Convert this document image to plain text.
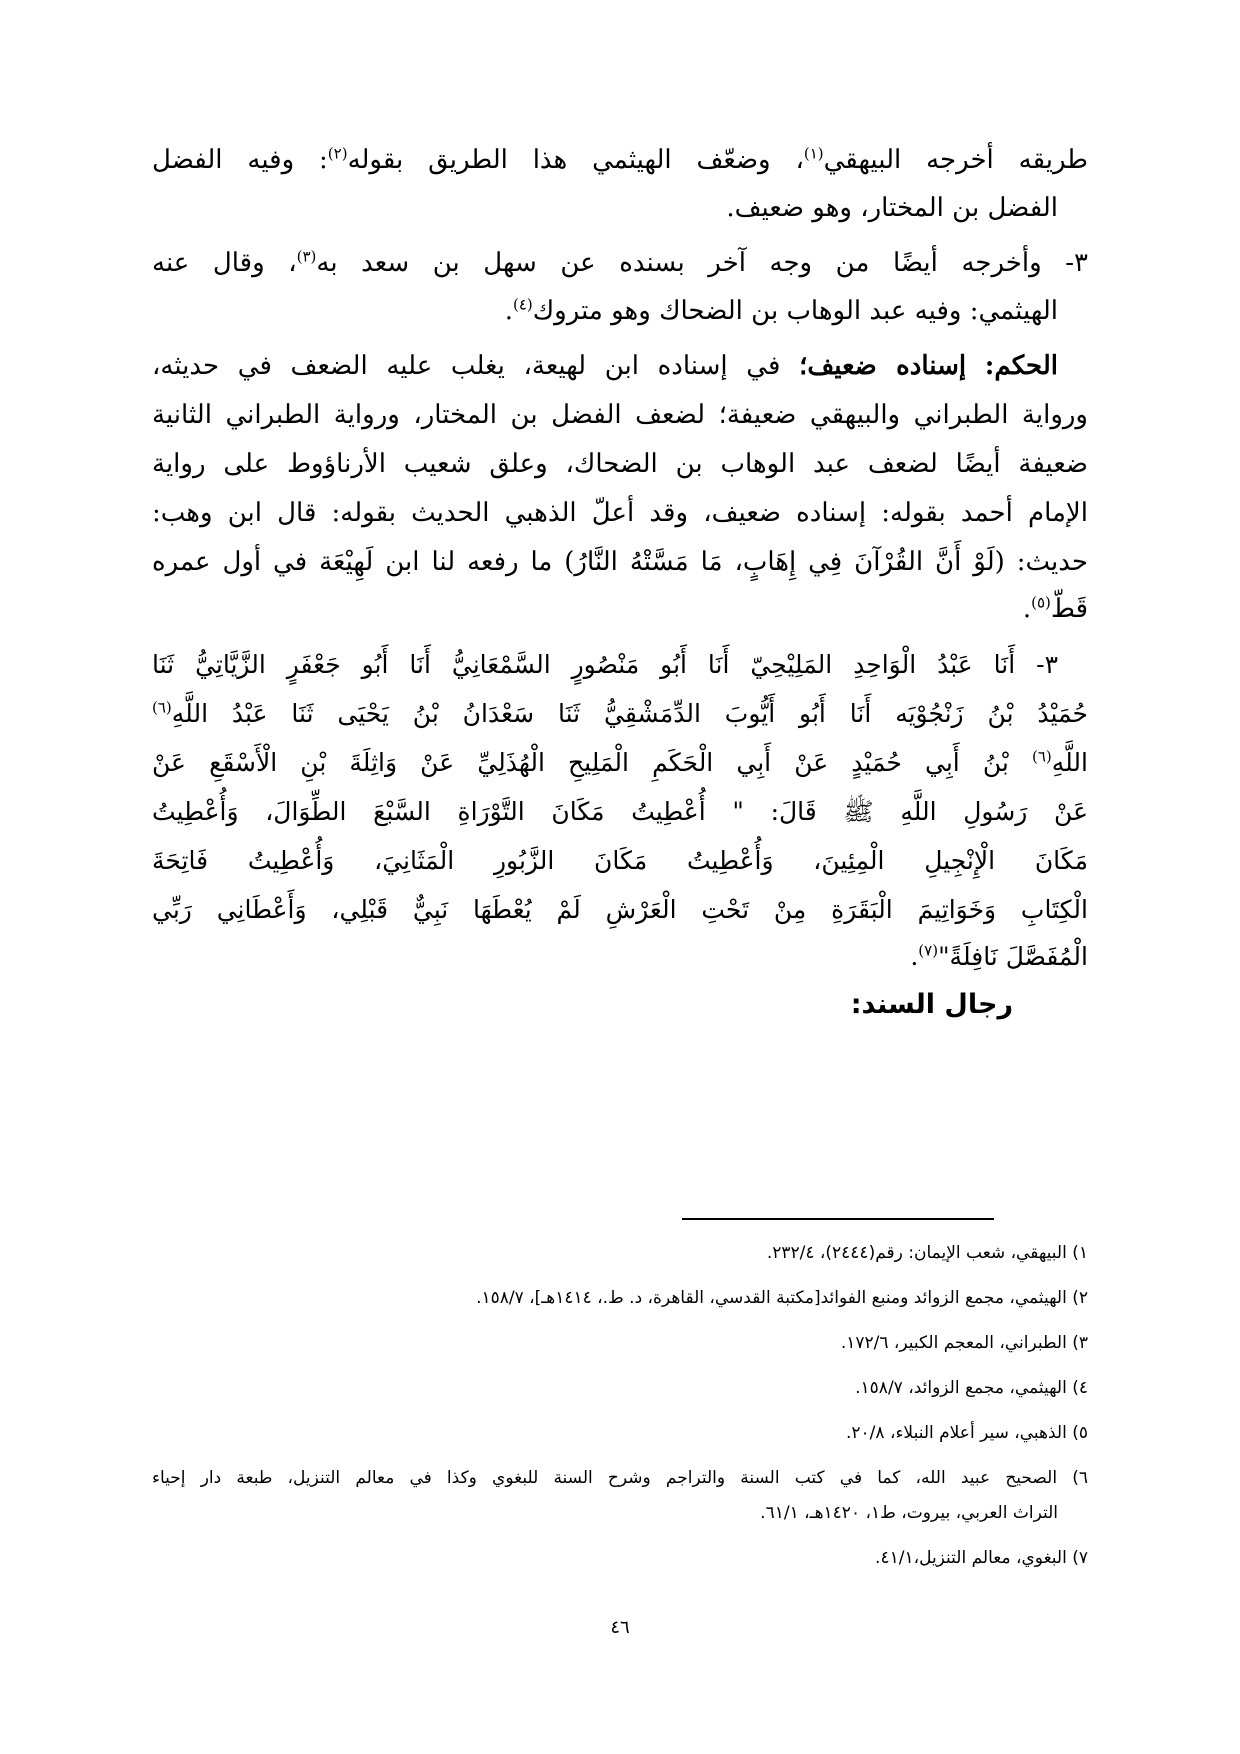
طريقه أخرجه البيهقي$^{(١)}$، وضعّف الهيثمي هذا الطريق بقوله$^{(٢)}$: وفيه الفضل
الفضل بن المختار، وهو ضعيف.
٣- وأخرجه أيضًا من وجه آخر بسنده عن سهل بن سعد به$^{(٣)}$، وقال عنه
الهيثمي: وفيه عبد الوهاب بن الضحاك وهو متروك$^{(٤)}$.
الحكم: إسناده ضعيف؛ في إسناده ابن لهيعة، يغلب عليه الضعف في حديثه،
ورواية الطبراني والبيهقي ضعيفة؛ لضعف الفضل بن المختار، ورواية الطبراني الثانية
ضعيفة أيضًا لضعف عبد الوهاب بن الضحاك، وعلق شعيب الأرناؤوط على رواية
الإمام أحمد بقوله: إسناده ضعيف، وقد أعلّ الذهبي الحديث بقوله: قال ابن وهب:
حديث: (لَوْ أَنَّ القُرْآنَ فِي إِهَابٍ، مَا مَسَّتْهُ النَّارُ) ما رفعه لنا ابن لَهِيْعَة في أول عمره
قَطّ$^{(٥)}$.
٣- أَنَا عَبْدُ الْوَاحِدِ المَلِيْحِيّ أَنَا أَبُو مَنْصُورٍ السَّمْعَانِيُّ أَنَا أَبُو جَعْفَرٍ الزَّيَّاتِيُّ ثَنَا
حُمَيْدُ بْنُ زَنْجُوْيَه أَنَا أَبُو أَيُّوبَ الدِّمَشْقِيُّ ثَنَا سَعْدَانُ بْنُ يَحْيَى ثَنَا عَبْدُ اللَّهِ$^{(٦)}$
اللَّهِ$^{(٦)}$ بْنُ أَبِي حُمَيْدٍ عَنْ أَبِي الْحَكَمِ الْمَلِيحِ الْهُذَلِيِّ عَنْ وَاثِلَةَ بْنِ الْأَسْقَعِ عَنْ
عَنْ رَسُولِ اللَّهِ ﷺ قَالَ: " أُعْطِيتُ مَكَانَ التَّوْرَاةِ السَّبْعَ الطِّوَالَ، وَأُعْطِيتُ
مَكَانَ الْإِنْجِيلِ الْمِئِينَ، وَأُعْطِيتُ مَكَانَ الزَّبُورِ الْمَثَانِيَ، وَأُعْطِيتُ فَاتِحَةَ
الْكِتَابِ وَخَوَاتِيمَ الْبَقَرَةِ مِنْ تَحْتِ الْعَرْشِ لَمْ يُعْطَهَا نَبِيٌّ قَبْلِي، وَأَعْطَانِي رَبِّي
الْمُفَصَّلَ نَافِلَةً"$^{(٧)}$.
رجال السند:
١) البيهقي، شعب الإيمان: رقم(٢٤٤٤)، ٢٣٢/٤.
٢) الهيثمي، مجمع الزوائد ومنبع الفوائد[مكتبة القدسي، القاهرة، د. ط.، ١٤١٤هـ]، ١٥٨/٧.
٣) الطبراني، المعجم الكبير، ١٧٢/٦.
٤) الهيثمي، مجمع الزوائد، ١٥٨/٧.
٥) الذهبي، سير أعلام النبلاء، ٢٠/٨.
٦) الصحيح عبيد الله، كما في كتب السنة والتراجم وشرح السنة للبغوي وكذا في معالم التنزيل، طبعة دار إحياء
التراث العربي، بيروت، ط١، ١٤٢٠هـ، ٦١/١.
٧) البغوي، معالم التنزيل،٤١/١.
٤٦
